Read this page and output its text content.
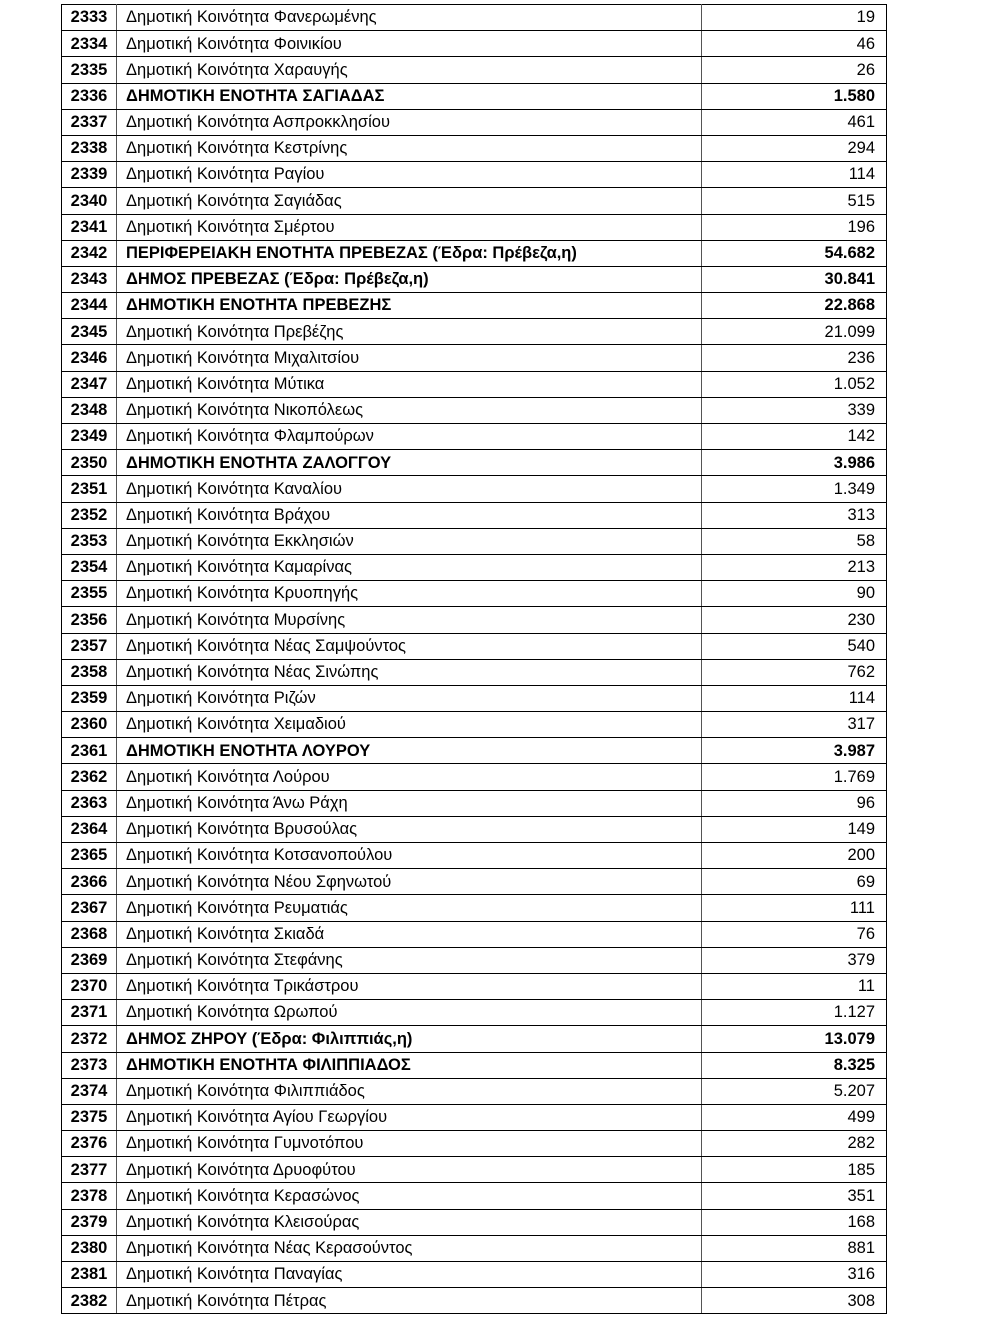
2333	Δημοτική Κοινότητα Φανερωμένης	19
2334	Δημοτική Κοινότητα Φοινικίου	46
2335	Δημοτική Κοινότητα Χαραυγής	26
2336	ΔΗΜΟΤΙΚΗ ΕΝΟΤΗΤΑ ΣΑΓΙΑΔΑΣ	1.580
2337	Δημοτική Κοινότητα Ασπροκκλησίου	461
2338	Δημοτική Κοινότητα Κεστρίνης	294
2339	Δημοτική Κοινότητα Ραγίου	114
2340	Δημοτική Κοινότητα Σαγιάδας	515
2341	Δημοτική Κοινότητα Σμέρτου	196
2342	ΠΕΡΙΦΕΡΕΙΑΚΗ ΕΝΟΤΗΤΑ ΠΡΕΒΕΖΑΣ (Έδρα: Πρέβεζα,η)	54.682
2343	ΔΗΜΟΣ ΠΡΕΒΕΖΑΣ (Έδρα: Πρέβεζα,η)	30.841
2344	ΔΗΜΟΤΙΚΗ ΕΝΟΤΗΤΑ ΠΡΕΒΕΖΗΣ	22.868
2345	Δημοτική Κοινότητα Πρεβέζης	21.099
2346	Δημοτική Κοινότητα Μιχαλιτσίου	236
2347	Δημοτική Κοινότητα Μύτικα	1.052
2348	Δημοτική Κοινότητα Νικοπόλεως	339
2349	Δημοτική Κοινότητα Φλαμπούρων	142
2350	ΔΗΜΟΤΙΚΗ ΕΝΟΤΗΤΑ ΖΑΛΟΓΓΟΥ	3.986
2351	Δημοτική Κοινότητα Καναλίου	1.349
2352	Δημοτική Κοινότητα Βράχου	313
2353	Δημοτική Κοινότητα Εκκλησιών	58
2354	Δημοτική Κοινότητα Καμαρίνας	213
2355	Δημοτική Κοινότητα Κρυοπηγής	90
2356	Δημοτική Κοινότητα Μυρσίνης	230
2357	Δημοτική Κοινότητα Νέας Σαμψούντος	540
2358	Δημοτική Κοινότητα Νέας Σινώπης	762
2359	Δημοτική Κοινότητα Ριζών	114
2360	Δημοτική Κοινότητα Χειμαδιού	317
2361	ΔΗΜΟΤΙΚΗ ΕΝΟΤΗΤΑ ΛΟΥΡΟΥ	3.987
2362	Δημοτική Κοινότητα Λούρου	1.769
2363	Δημοτική Κοινότητα Άνω Ράχη	96
2364	Δημοτική Κοινότητα Βρυσούλας	149
2365	Δημοτική Κοινότητα Κοτσανοπούλου	200
2366	Δημοτική Κοινότητα Νέου Σφηνωτού	69
2367	Δημοτική Κοινότητα Ρευματιάς	111
2368	Δημοτική Κοινότητα Σκιαδά	76
2369	Δημοτική Κοινότητα Στεφάνης	379
2370	Δημοτική Κοινότητα Τρικάστρου	11
2371	Δημοτική Κοινότητα Ωρωπού	1.127
2372	ΔΗΜΟΣ ΖΗΡΟΥ (Έδρα: Φιλιππιάς,η)	13.079
2373	ΔΗΜΟΤΙΚΗ ΕΝΟΤΗΤΑ ΦΙΛΙΠΠΙΑΔΟΣ	8.325
2374	Δημοτική Κοινότητα Φιλιππιάδος	5.207
2375	Δημοτική Κοινότητα Αγίου Γεωργίου	499
2376	Δημοτική Κοινότητα Γυμνοτόπου	282
2377	Δημοτική Κοινότητα Δρυοφύτου	185
2378	Δημοτική Κοινότητα Κερασώνος	351
2379	Δημοτική Κοινότητα Κλεισούρας	168
2380	Δημοτική Κοινότητα Νέας Κερασούντος	881
2381	Δημοτική Κοινότητα Παναγίας	316
2382	Δημοτική Κοινότητα Πέτρας	308
